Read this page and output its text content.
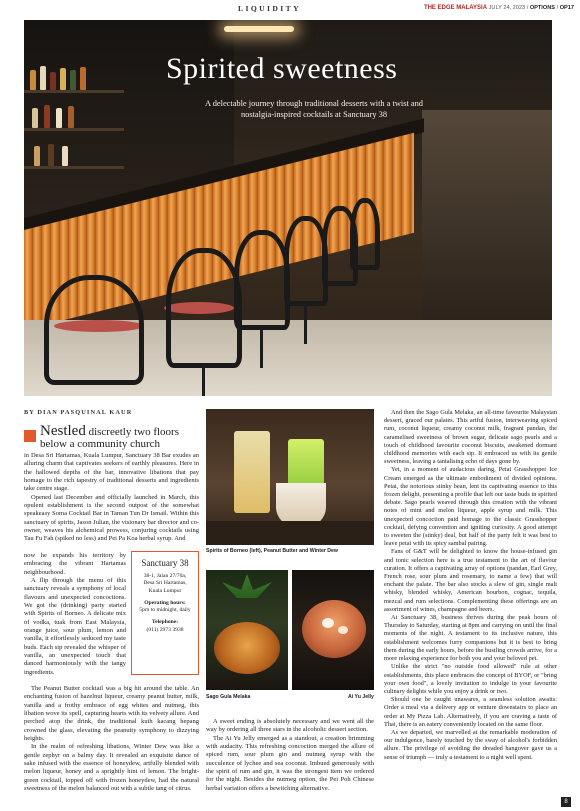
LIQUIDITY	THE EDGE MALAYSIA JULY 24, 2023 / OPTIONS / OP17
Spirited sweetness
A delectable journey through traditional desserts with a twist and nostalgia-inspired cocktails at Sanctuary 38
BY DIAN PASQUINAL KAUR
Nestled discreetly two floors below a community church

in Desa Sri Hartamas, Kuala Lumpur, Sanctuary 38 Bar exudes an alluring charm that captivates seekers of earthly pleasures. Here in the hallowed depths of the bar, innovative libations that pay homage to the rich tapestry of traditional desserts and ingredients take centre stage.

Opened last December and officially launched in March, this opulent establishment is the second outpost of the somewhat speakeasy Soma Cocktail Bar in Taman Tun Dr Ismail. Within this sanctuary of spirits, Jason Julian, the visionary bar director and co-owner, weaves his alchemical prowess, conjuring cocktails using Tau Fu Fah (spiked no less) and Pei Pa Koa herbal syrup. And

now he expands his territory by embracing the vibrant Hartamas neighbourhood.

A flip through the menu of this sanctuary reveals a symphony of local flavours and unexpected concoctions. We got the (drinking) party started with Spirits of Borneo. A delicate mix of vodka, tuak from East Malaysia, orange juice, sour plum, lemon and vanilla, it effortlessly seduced my taste buds. Each sip revealed the whisper of vanilla, an unexpected touch that danced harmoniously with the tangy ingredients.

The Peanut Butter cocktail was a big hit around the table. An enchanting fusion of hazelnut liqueur, creamy peanut butter, milk, vanilla and a frothy embrace of egg whites and nutmeg, this libation wove its spell, capturing hearts with its velvety allure. And perched atop the drink, the traditional kuih kacang hepang crowned the glass, elevating the peanutty symphony to dizzying heights.

In the realm of refreshing libations, Winter Dew was like a gentle zephyr on a balmy day. It revealed an exquisite dance of sake infused with the essence of honeydew, artfully blended with melon liqueur, honey and a sprightly hint of lemon. The bright-green cocktail, topped off with frozen honeydew, had the natural sweetness of the melon balanced out with a subtle tang of citrus.

Sanctuary 38
38-1, Jalan 27/70a,
Desa Sri Hartamas,
Kuala Lumpur
Operating hours:
5pm to midnight, daily
Telephone:
(011) 2973 3938
Spirits of Borneo (left), Peanut Butter and Winter Dew
Sago Gula Melaka	Ai Yu Jelly

A sweet ending is absolutely necessary and we went all the way by ordering all three stars in the alcoholic dessert section.

The Ai Yu Jelly emerged as a standout, a creation brimming with audacity. This refreshing concoction merged the allure of spiced rum, sour plum gin and nutmeg syrup with the succulence of lychee and sea coconut. Imbued generously with the spirit of rum and gin, it was the strongest item we ordered for the night. Besides the nutmeg option, the Pei Poh Chinese herbal variation offers a bewitching alternative.

And then the Sago Gula Melaka, an all-time favourite Malaysian dessert, graced our palates. This artful fusion, interweaving spiced rum, coconut liqueur, creamy coconut milk, fragrant pandan, the caramelised sweetness of brown sugar, delicate sago pearls and a touch of childhood favourite coconut biscuits, awakened dormant childhood memories with each sip. It embraced us with its gentle sweetness, leaving a tantalising echo of days gone by.

Yet, in a moment of audacious daring, Petai Grasshopper Ice Cream emerged as the ultimate embodiment of divided opinions. Petai, the notorious stinky bean, lent its captivating essence to this frozen delight, presenting a profile that left our taste buds in spirited debate. Sago pearls weaved through this creation with the vibrant notes of mint and melon liqueur, apple syrup and milk. This unexpected concoction paid homage to the classic Grasshopper cocktail, defying convention and igniting curiosity. A good attempt to sweeten the (stinky) deal, but half of the party felt it was best to leave petai with its spicy sambal pairing.

Fans of G&T will be delighted to know the house-infused gin and tonic selection here is a true testament to the art of flavour curation. It offers a captivating array of options (pandan, Earl Grey, French rose, sour plum and rosemary, to name a few) that will enchant the palate. The bar also stocks a slew of gin, single malt whisky, blended whisky, American bourbon, cognac, tequila, mezcal and rum selections. Complementing these offerings are an assortment of wines, champagne and beers.

At Sanctuary 38, business thrives during the peak hours of Thursday to Saturday, starting at 8pm and carrying on until the final moments of the night. A testament to its inclusive nature, this establishment welcomes furry companions but it is best to bring them during the early hours, before the bustling crowds arrive, for a more relaxing experience for both you and your beloved pet.

Unlike the strict "no outside food allowed" rule at other establishments, this place embraces the concept of BYOF, or "bring your own food", a lovely invitation to indulge in your favourite culinary delights while you enjoy a drink or two.

Should one be caught unawares, a seamless solution awaits: Order a meal via a delivery app or venture downstairs to place an order at My Pizza Lab. Alternatively, if you are craving a taste of Thai, there is an eatery conveniently located on the same floor.

As we departed, we marvelled at the remarkable moderation of our indulgence, barely touched by the sway of alcohol's forbidden allure. The privilege of avoiding the dreaded hangover gave us a sense of triumph — truly a testament to a night well spent.

8
